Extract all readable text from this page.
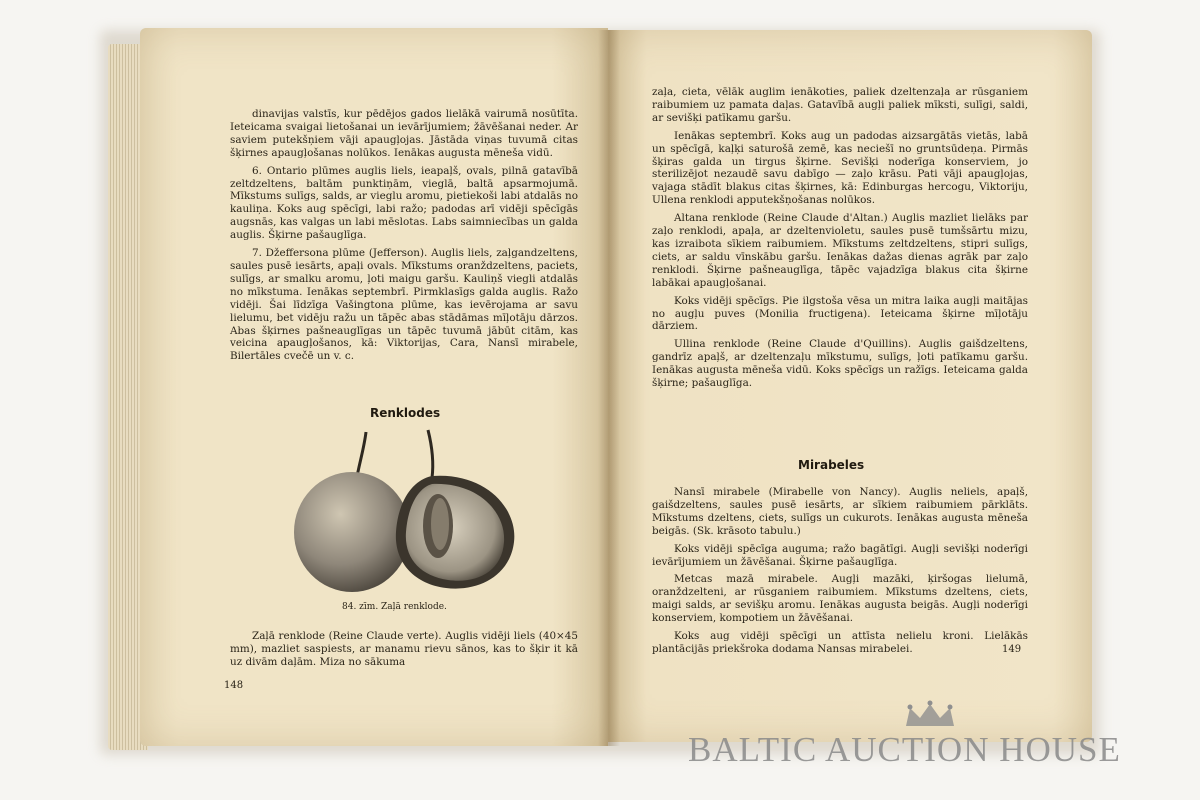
dinavijas valstīs, kur pēdējos gados lielākā vairumā nosūtīta. Ieteicama svaigai lietošanai un ievārījumiem; žāvēšanai neder. Ar saviem putekšņiem vāji apaugļojas. Jāstāda viņas tuvumā citas šķirnes apaugļošanas nolūkos. Ienākas augusta mēneša vidū.

6. Ontario plūmes auglis liels, ieapaļš, ovals, pilnā gatavībā zeltdzeltens, baltām punktiņām, vieglā, baltā apsarmojumā. Mīkstums sulīgs, salds, ar vieglu aromu, pietiekoši labi atdalās no kauliņa. Koks aug spēcīgi, labi ražo; padodas arī vidēji spēcīgās augsnās, kas valgas un labi mēslotas. Labs saimniecības un galda auglis. Šķirne pašauglīga.

7. Džeffersona plūme (Jefferson). Auglis liels, zaļgandzeltens, saules pusē iesārts, apaļi ovals. Mīkstums oranždzeltens, paciets, sulīgs, ar smalku aromu, ļoti maigu garšu. Kauliņš viegli atdalās no mīkstuma. Ienākas septembrī. Pirmklasīgs galda auglis. Ražo vidēji. Šai līdzīga Vašingtona plūme, kas ievērojama ar savu lielumu, bet vidēju ražu un tāpēc abas stādāmas mīļotāju dārzos. Abas šķirnes pašneauglīgas un tāpēc tuvumā jābūt citām, kas veicina apaugļošanos, kā: Viktorijas, Cara, Nansī mirabele, Bilertāles cvečē un v. c.

Renklodes
84. zīm. Zaļā renklode.

Zaļā renklode (Reine Claude verte). Auglis vidēji liels (40×45 mm), mazliet saspiests, ar manamu rievu sānos, kas to šķir it kā uz divām daļām. Miza no sākuma

148

zaļa, cieta, vēlāk auglim ienākoties, paliek dzeltenzaļa ar rūsganiem raibumiem uz pamata daļas. Gatavībā augļi paliek mīksti, sulīgi, saldi, ar sevišķi patīkamu garšu.

Ienākas septembrī. Koks aug un padodas aizsargātās vietās, labā un spēcīgā, kaļķi saturošā zemē, kas neciešī no gruntsūdeņa. Pirmās šķiras galda un tirgus šķirne. Sevišķi noderīga konserviem, jo sterilizējot nezaudē savu dabīgo — zaļo krāsu. Pati vāji apaugļojas, vajaga stādīt blakus citas šķirnes, kā: Edinburgas hercogu, Viktoriju, Ullena renklodi apputekšņošanas nolūkos.

Altana renklode (Reine Claude d'Altan.) Auglis mazliet lielāks par zaļo renklodi, apaļa, ar dzeltenvioletu, saules pusē tumšsārtu mizu, kas izraibota sīkiem raibumiem. Mīkstums zeltdzeltens, stipri sulīgs, ciets, ar saldu vīnskābu garšu. Ienākas dažas dienas agrāk par zaļo renklodi. Šķirne pašneauglīga, tāpēc vajadzīga blakus cita šķirne labākai apaugļošanai.

Koks vidēji spēcīgs. Pie ilgstoša vēsa un mitra laika augļi maitājas no augļu puves (Monilia fructigena). Ieteicama šķirne mīļotāju dārziem.

Ullina renklode (Reine Claude d'Quillins). Auglis gaišdzeltens, gandrīz apaļš, ar dzeltenzaļu mīkstumu, sulīgs, ļoti patīkamu garšu. Ienākas augusta mēneša vidū. Koks spēcīgs un ražīgs. Ieteicama galda šķirne; pašauglīga.

Mirabeles

Nansī mirabele (Mirabelle von Nancy). Auglis neliels, apaļš, gaišdzeltens, saules pusē iesārts, ar sīkiem raibumiem pārklāts. Mīkstums dzeltens, ciets, sulīgs un cukurots. Ienākas augusta mēneša beigās. (Sk. krāsoto tabulu.)

Koks vidēji spēcīga auguma; ražo bagātīgi. Augļi sevišķi noderīgi ievārījumiem un žāvēšanai. Šķirne pašauglīga.

Metcas mazā mirabele. Augļi mazāki, ķiršogas lielumā, oranždzelteni, ar rūsganiem raibumiem. Mīkstums dzeltens, ciets, maigi salds, ar sevišķu aromu. Ienākas augusta beigās. Augļi noderīgi konserviem, kompotiem un žāvēšanai.

Koks aug vidēji spēcīgi un attīsta nelielu kroni. Lielākās plantācijās priekšroka dodama Nansas mirabelei.	149
BALTIC AUCTION HOUSE
